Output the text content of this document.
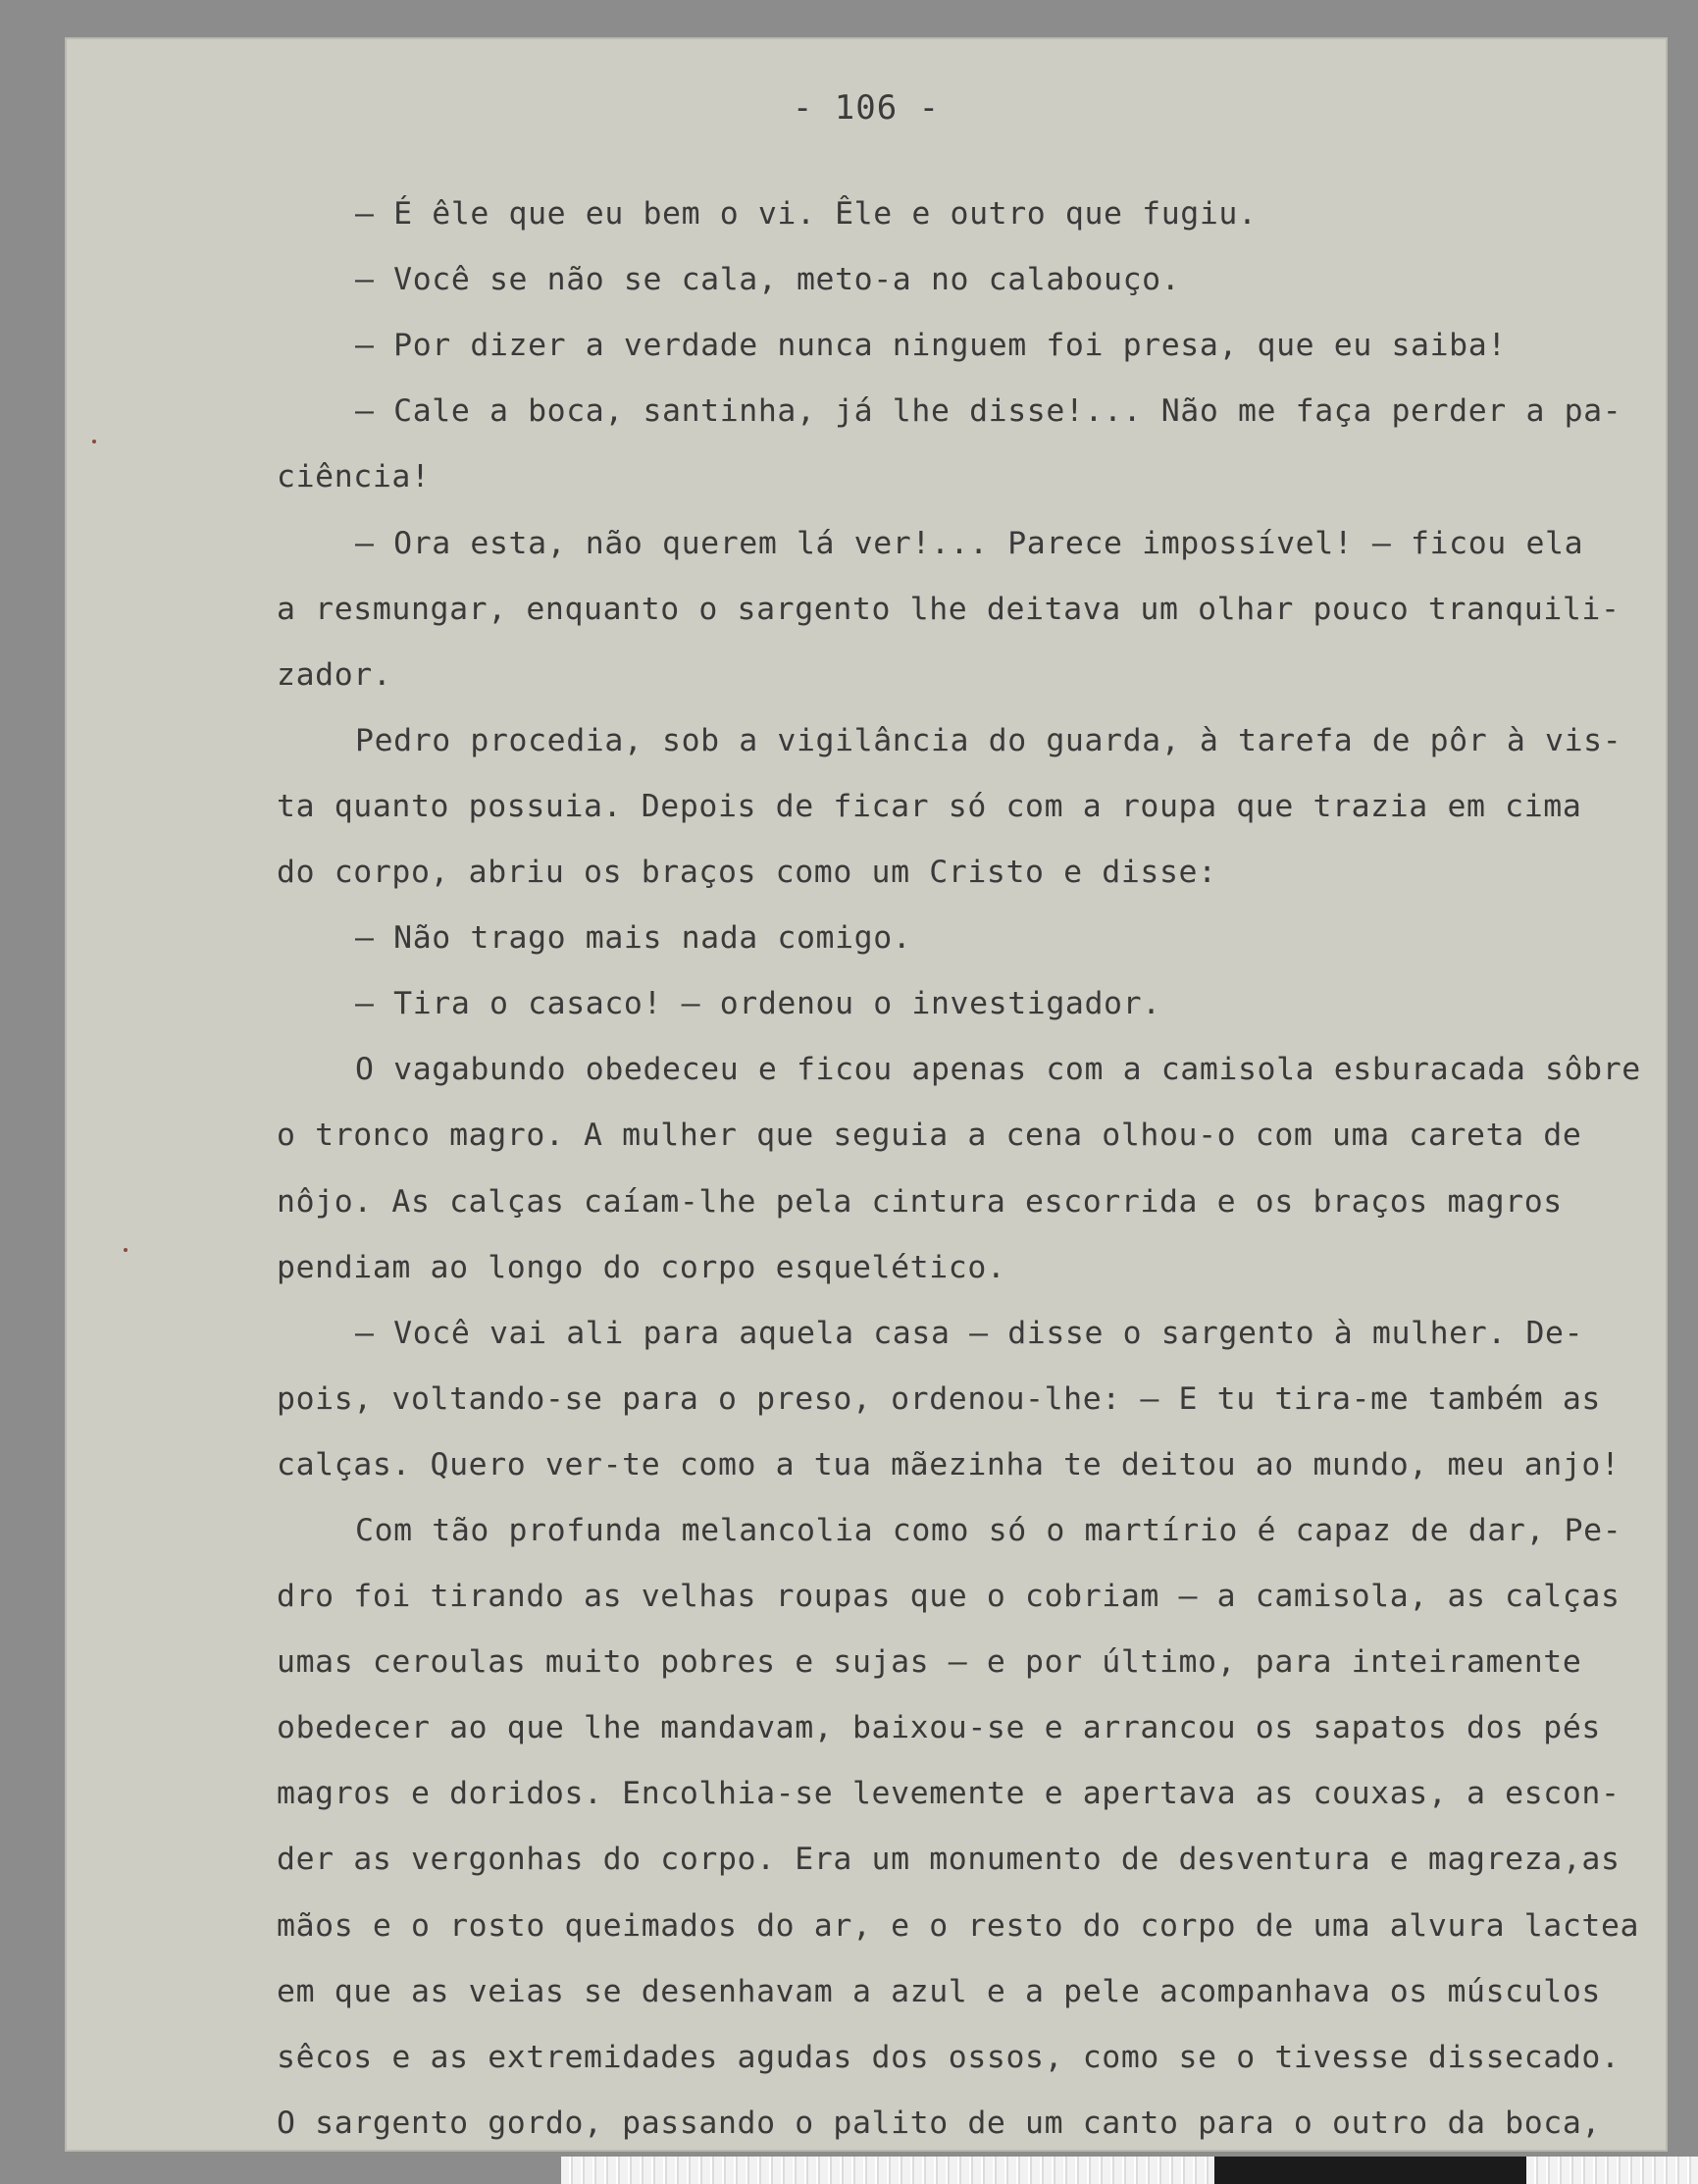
- 106 -
— É êle que eu bem o vi. Êle e outro que fugiu.
— Você se não se cala, meto-a no calabouço.
— Por dizer a verdade nunca ninguem foi presa, que eu saiba!
— Cale a boca, santinha, já lhe disse!... Não me faça perder a pa-
ciência!
— Ora esta, não querem lá ver!... Parece impossível! — ficou ela
a resmungar, enquanto o sargento lhe deitava um olhar pouco tranquili-
zador.
Pedro procedia, sob a vigilância do guarda, à tarefa de pôr à vis-
ta quanto possuia. Depois de ficar só com a roupa que trazia em cima
do corpo, abriu os braços como um Cristo e disse:
— Não trago mais nada comigo.
— Tira o casaco! — ordenou o investigador.
O vagabundo obedeceu e ficou apenas com a camisola esburacada sôbre
o tronco magro. A mulher que seguia a cena olhou-o com uma careta de
nôjo. As calças caíam-lhe pela cintura escorrida e os braços magros
pendiam ao longo do corpo esquelético.
— Você vai ali para aquela casa — disse o sargento à mulher. De-
pois, voltando-se para o preso, ordenou-lhe: — E tu tira-me também as
calças. Quero ver-te como a tua mãezinha te deitou ao mundo, meu anjo!
Com tão profunda melancolia como só o martírio é capaz de dar, Pe-
dro foi tirando as velhas roupas que o cobriam — a camisola, as calças
umas ceroulas muito pobres e sujas — e por último, para inteiramente
obedecer ao que lhe mandavam, baixou-se e arrancou os sapatos dos pés
magros e doridos. Encolhia-se levemente e apertava as couxas, a escon-
der as vergonhas do corpo. Era um monumento de desventura e magreza,as
mãos e o rosto queimados do ar, e o resto do corpo de uma alvura lactea
em que as veias se desenhavam a azul e a pele acompanhava os músculos
sêcos e as extremidades agudas dos ossos, como se o tivesse dissecado.
O sargento gordo, passando o palito de um canto para o outro da boca,
